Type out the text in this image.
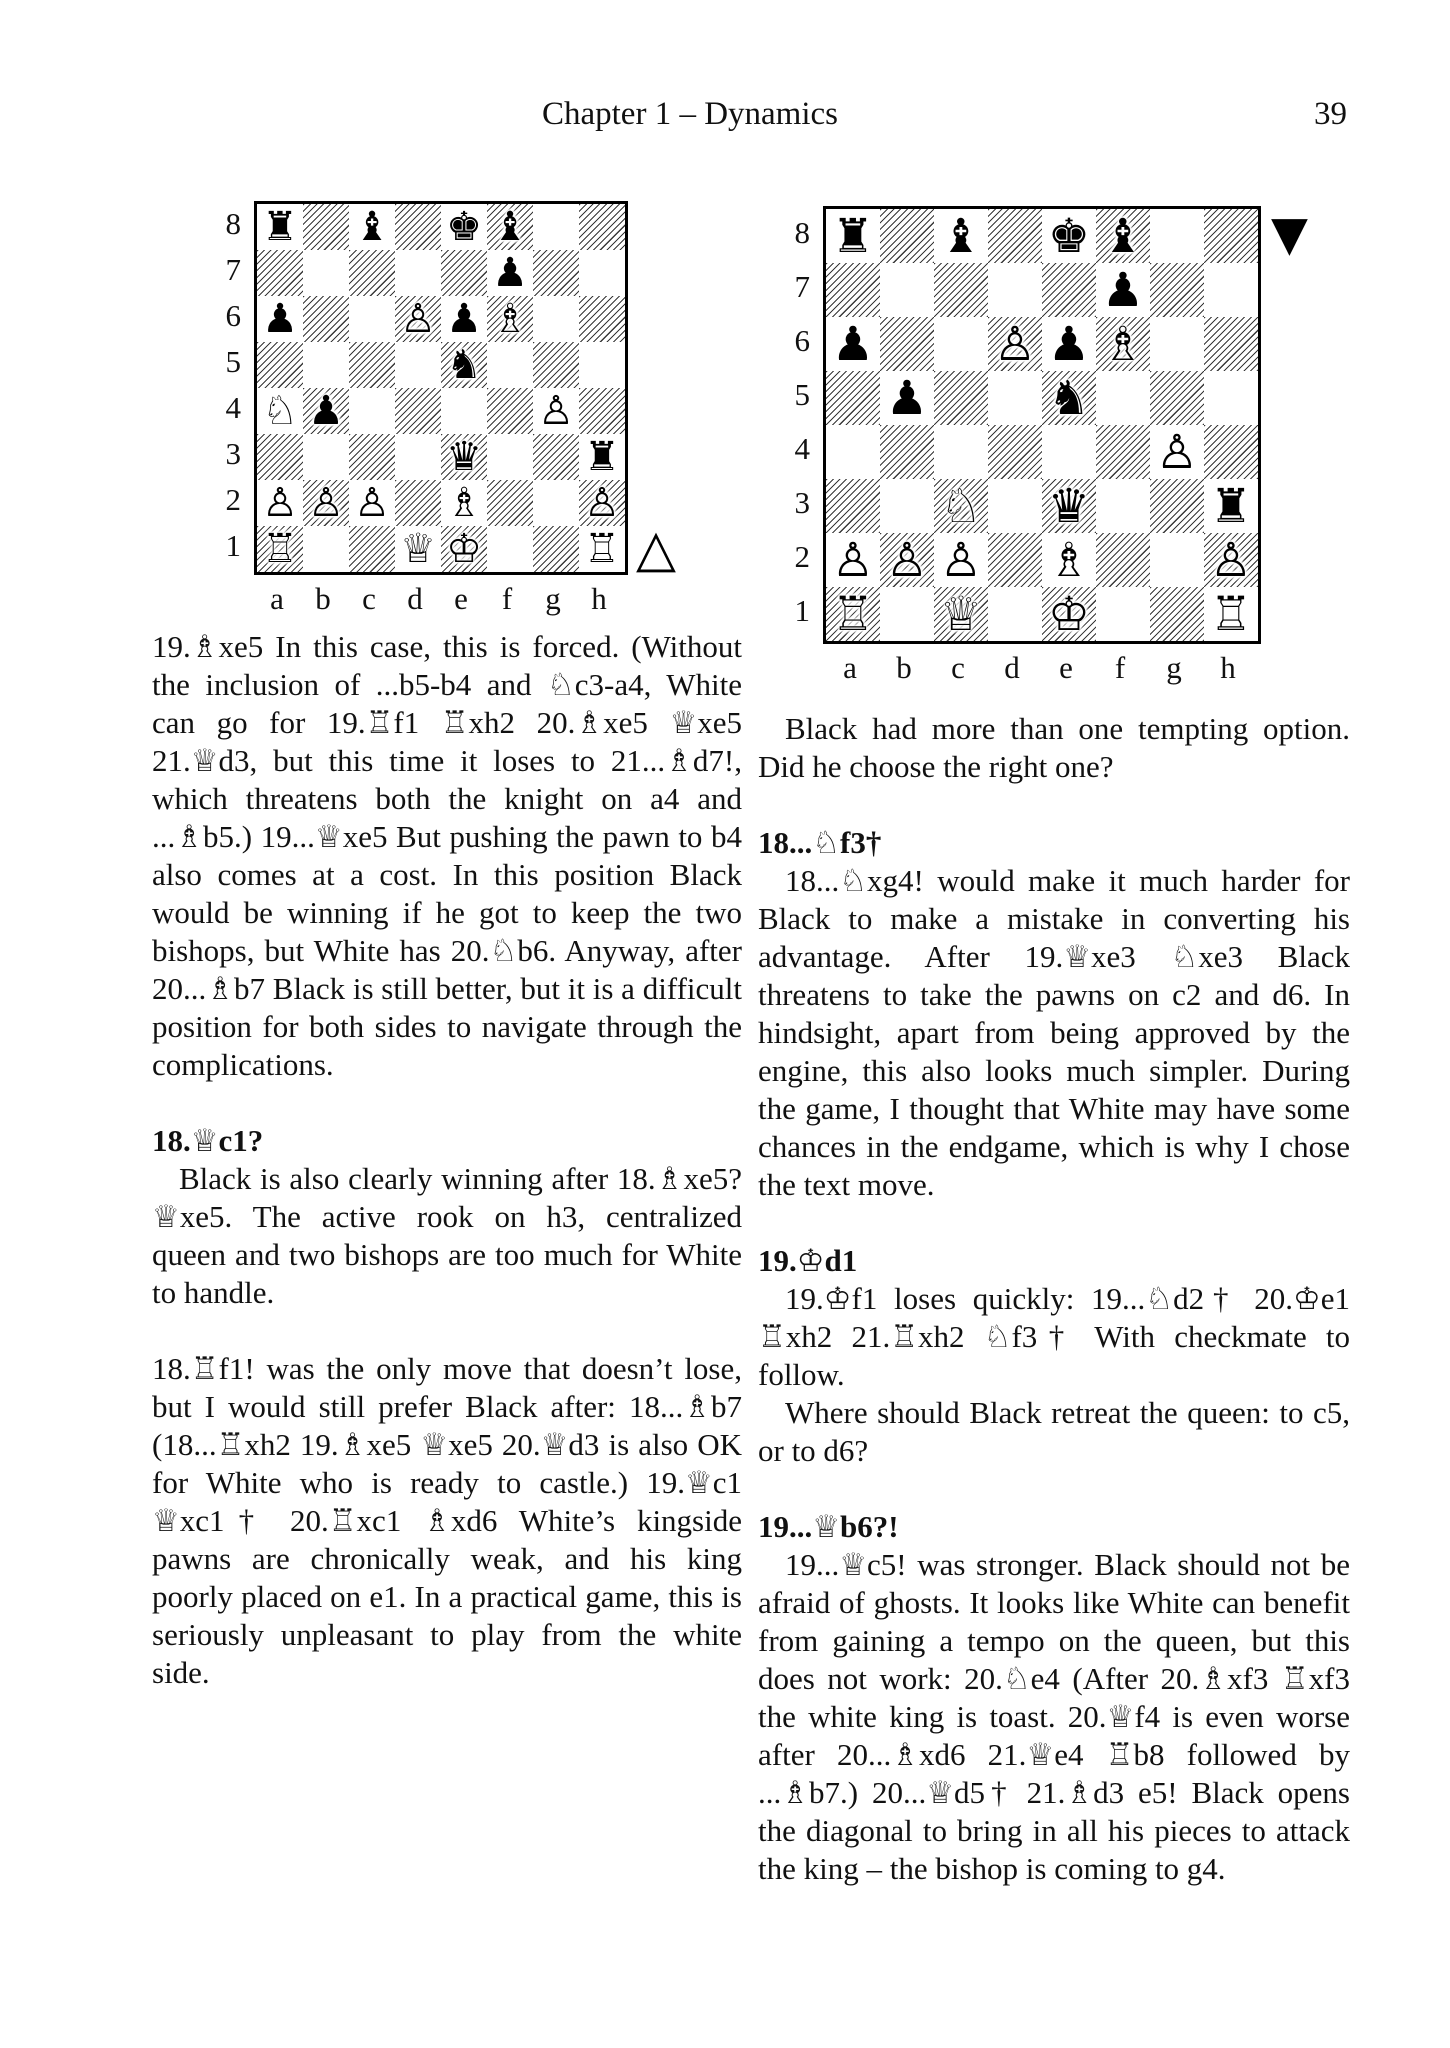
Chapter 1 – Dynamics	39
8
7
6
5
4
3
2
1
♜ ♝ ♚ ♝
♟
♟	♙ ♟ ♗
♞
♘ ♟	♙
♛	♜
♙ ♙ ♙ ♗	♙
♖	♕ ♔	♖
a	b	c	d	e	f	g h
△
8
7
6
5
4
3
2
1
♜ ♝ ♚ ♝
♟
♟	♙ ♟ ♗
♟	♞
♙
♘ ♛	♜
♙ ♙ ♙ ♗	♙
♖ ♕ ♔	♖
a	b	c	d	e	f	g	h
▼

19.♗xe5 In this case, this is forced. (Without the inclusion of ...b5-b4 and ♘c3-a4, White can go for 19.♖f1 ♖xh2 20.♗xe5 ♕xe5 21.♕d3, but this time it loses to 21...♗d7!, which threatens both the knight on a4 and ...♗b5.) 19...♕xe5 But pushing the pawn to b4 also comes at a cost. In this position Black would be winning if he got to keep the two bishops, but White has 20.♘b6. Anyway, after 20...♗b7 Black is still better, but it is a difficult position for both sides to navigate through the complications.

18.♕c1?

Black is also clearly winning after 18.♗xe5? ♕xe5. The active rook on h3, centralized queen and two bishops are too much for White to handle.

18.♖f1! was the only move that doesn’t lose, but I would still prefer Black after: 18...♗b7 (18...♖xh2 19.♗xe5 ♕xe5 20.♕d3 is also OK for White who is ready to castle.) 19.♕c1 ♕xc1† 20.♖xc1 ♗xd6 White’s kingside pawns are chronically weak, and his king poorly placed on e1. In a practical game, this is seriously unpleasant to play from the white side.

Black had more than one tempting option. Did he choose the right one?

18...♘f3†

18...♘xg4! would make it much harder for Black to make a mistake in converting his advantage. After 19.♕xe3 ♘xe3 Black threatens to take the pawns on c2 and d6. In hindsight, apart from being approved by the engine, this also looks much simpler. During the game, I thought that White may have some chances in the endgame, which is why I chose the text move.

19.♔d1

19.♔f1 loses quickly: 19...♘d2† 20.♔e1 ♖xh2 21.♖xh2 ♘f3† With checkmate to follow.

Where should Black retreat the queen: to c5, or to d6?

19...♕b6?!

19...♕c5! was stronger. Black should not be afraid of ghosts. It looks like White can benefit from gaining a tempo on the queen, but this does not work: 20.♘e4 (After 20.♗xf3 ♖xf3 the white king is toast. 20.♕f4 is even worse after 20...♗xd6 21.♕e4 ♖b8 followed by ...♗b7.) 20...♕d5† 21.♗d3 e5! Black opens the diagonal to bring in all his pieces to attack the king – the bishop is coming to g4.
